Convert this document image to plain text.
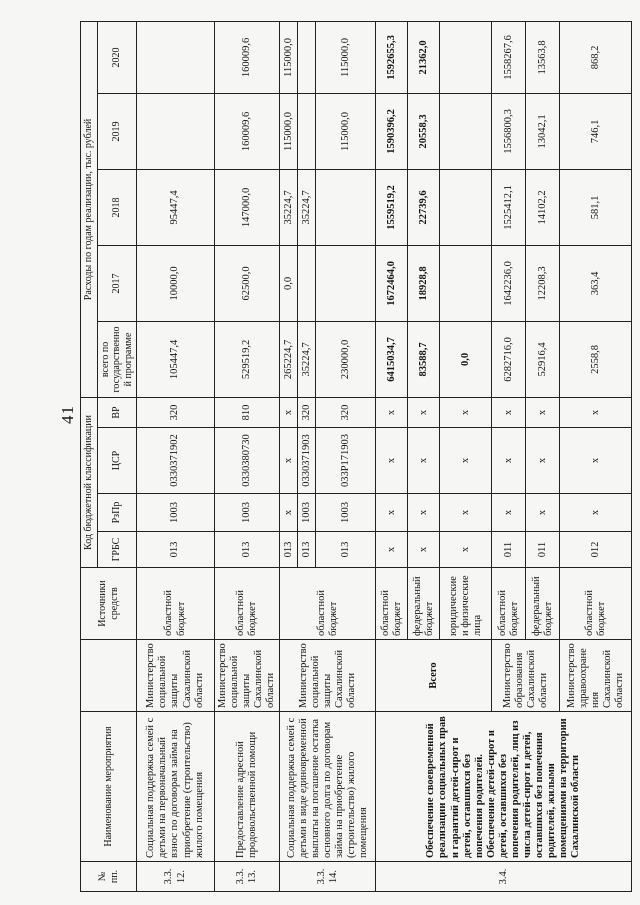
41
№ пп.	Наименование мероприятия		Источники средств	Код бюджетной классификации				Расходы по годам реализации, тыс. рублей				
				ГРБС	РзПр	ЦСР	ВР	всего по государственной программе	2017	2018	2019	2020

3.3. 12.	Социальная поддержка семей с детьми на первоначальный взнос по договорам займа на приобретение (строительство) жилого помещения	Министерство социальной защиты Сахалинской области	областной бюджет	013	1003	0330371902	320	105447,4	10000,0	95447,4		
3.3. 13.	Предоставление адресной продовольственной помощи	Министерство социальной защиты Сахалинской области	областной бюджет	013	1003	0330380730	810	529519,2	62500,0	147000,0	160009,6	160009,6
3.3. 14.	Социальная поддержка семей с детьми в виде единовременной выплаты на погашение остатка основного долга по договорам займа на приобретение (строительство) жилого помещения	Министерство социальной защиты Сахалинской области	областной бюджет	013	х	х	х	265224,7	0,0	35224,7	115000,0	115000,0
				013	1003	0330371903	320	35224,7		35224,7		
				013	1003	033P171903	320	230000,0			115000,0	115000,0
3.4.	Обеспечение своевременной реализации социальных прав и гарантий детей-сирот и детей, оставшихся без попечения родителей. Обеспечение детей-сирот и детей, оставшихся без попечения родителей, лиц из числа детей-сирот и детей, оставшихся без попечения родителей, жилыми помещениями на территории Сахалинской области	Всего	областной бюджет	х	х	х	х	6415034,7	1672464,0	1559519,2	1590396,2	1592655,3
			федеральный бюджет	х	х	х	х	83588,7	18928,8	22739,6	20558,3	21362,0
			юридические и физические лица	х	х	х	х	0,0				
		Министерство образования Сахалинской области	областной бюджет	011	х	х	х	6282716,0	1642236,0	1525412,1	1556800,3	1558267,6
			федеральный бюджет	011	х	х	х	52916,4	12208,3	14102,2	13042,1	13563,8
		Министерство здравоохранения Сахалинской области	областной бюджет	012	х	х	х	2558,8	363,4	581,1	746,1	868,2
